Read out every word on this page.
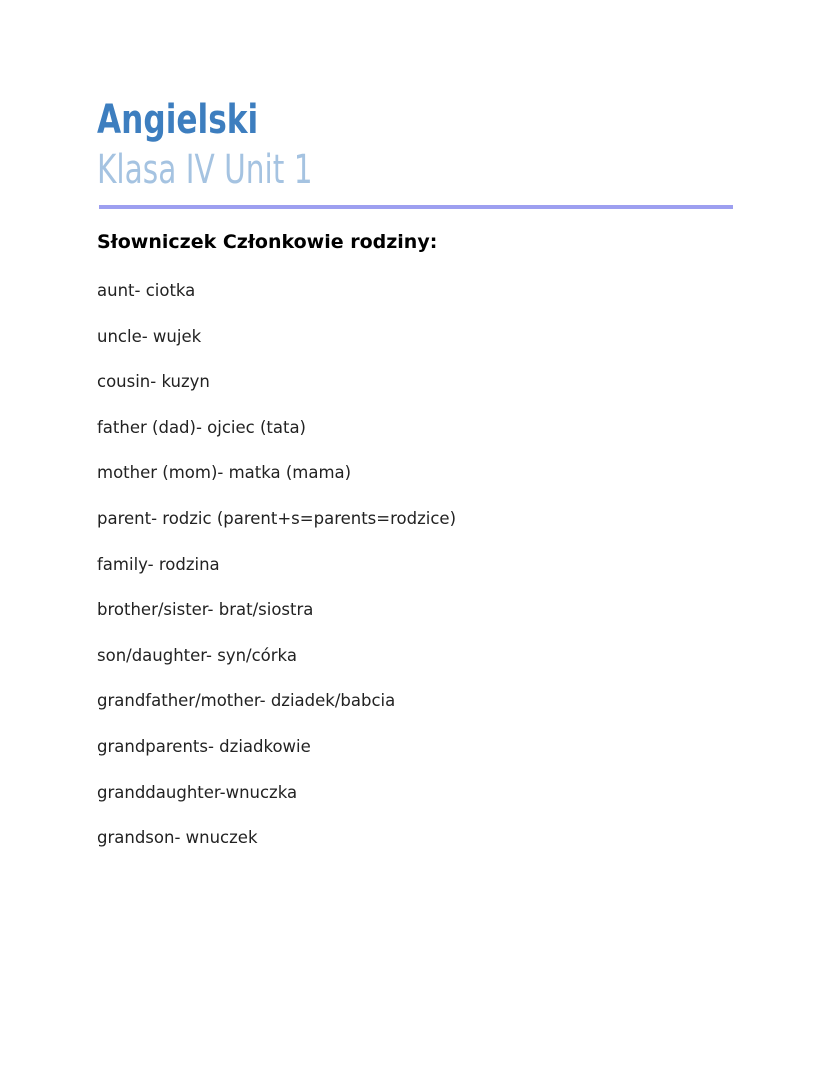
Angielski
Klasa IV Unit 1
Słowniczek Członkowie rodziny:
aunt- ciotka
uncle- wujek
cousin- kuzyn
father (dad)- ojciec (tata)
mother (mom)- matka (mama)
parent- rodzic (parent+s=parents=rodzice)
family- rodzina
brother/sister- brat/siostra
son/daughter- syn/córka
grandfather/mother- dziadek/babcia
grandparents- dziadkowie
granddaughter-wnuczka
grandson- wnuczek
